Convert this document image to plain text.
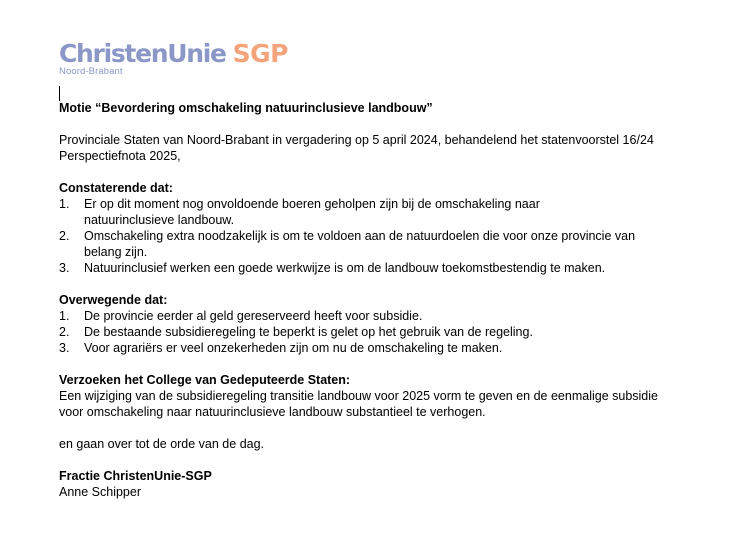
ChristenUnie SGP
Noord-Brabant

Motie “Bevordering omschakeling natuurinclusieve landbouw”

Provinciale Staten van Noord-Brabant in vergadering op 5 april 2024, behandelend het statenvoorstel 16/24 Perspectiefnota 2025,

Constaterende dat:

1. Er op dit moment nog onvoldoende boeren geholpen zijn bij de omschakeling naar natuurinclusieve landbouw.
2. Omschakeling extra noodzakelijk is om te voldoen aan de natuurdoelen die voor onze provincie van belang zijn.
3. Natuurinclusief werken een goede werkwijze is om de landbouw toekomstbestendig te maken.

Overwegende dat:

1. De provincie eerder al geld gereserveerd heeft voor subsidie.
2. De bestaande subsidieregeling te beperkt is gelet op het gebruik van de regeling.
3. Voor agrariërs er veel onzekerheden zijn om nu de omschakeling te maken.

Verzoeken het College van Gedeputeerde Staten:

Een wijziging van de subsidieregeling transitie landbouw voor 2025 vorm te geven en de eenmalige subsidie voor omschakeling naar natuurinclusieve landbouw substantieel te verhogen.

en gaan over tot de orde van de dag.

Fractie ChristenUnie-SGP

Anne Schipper
